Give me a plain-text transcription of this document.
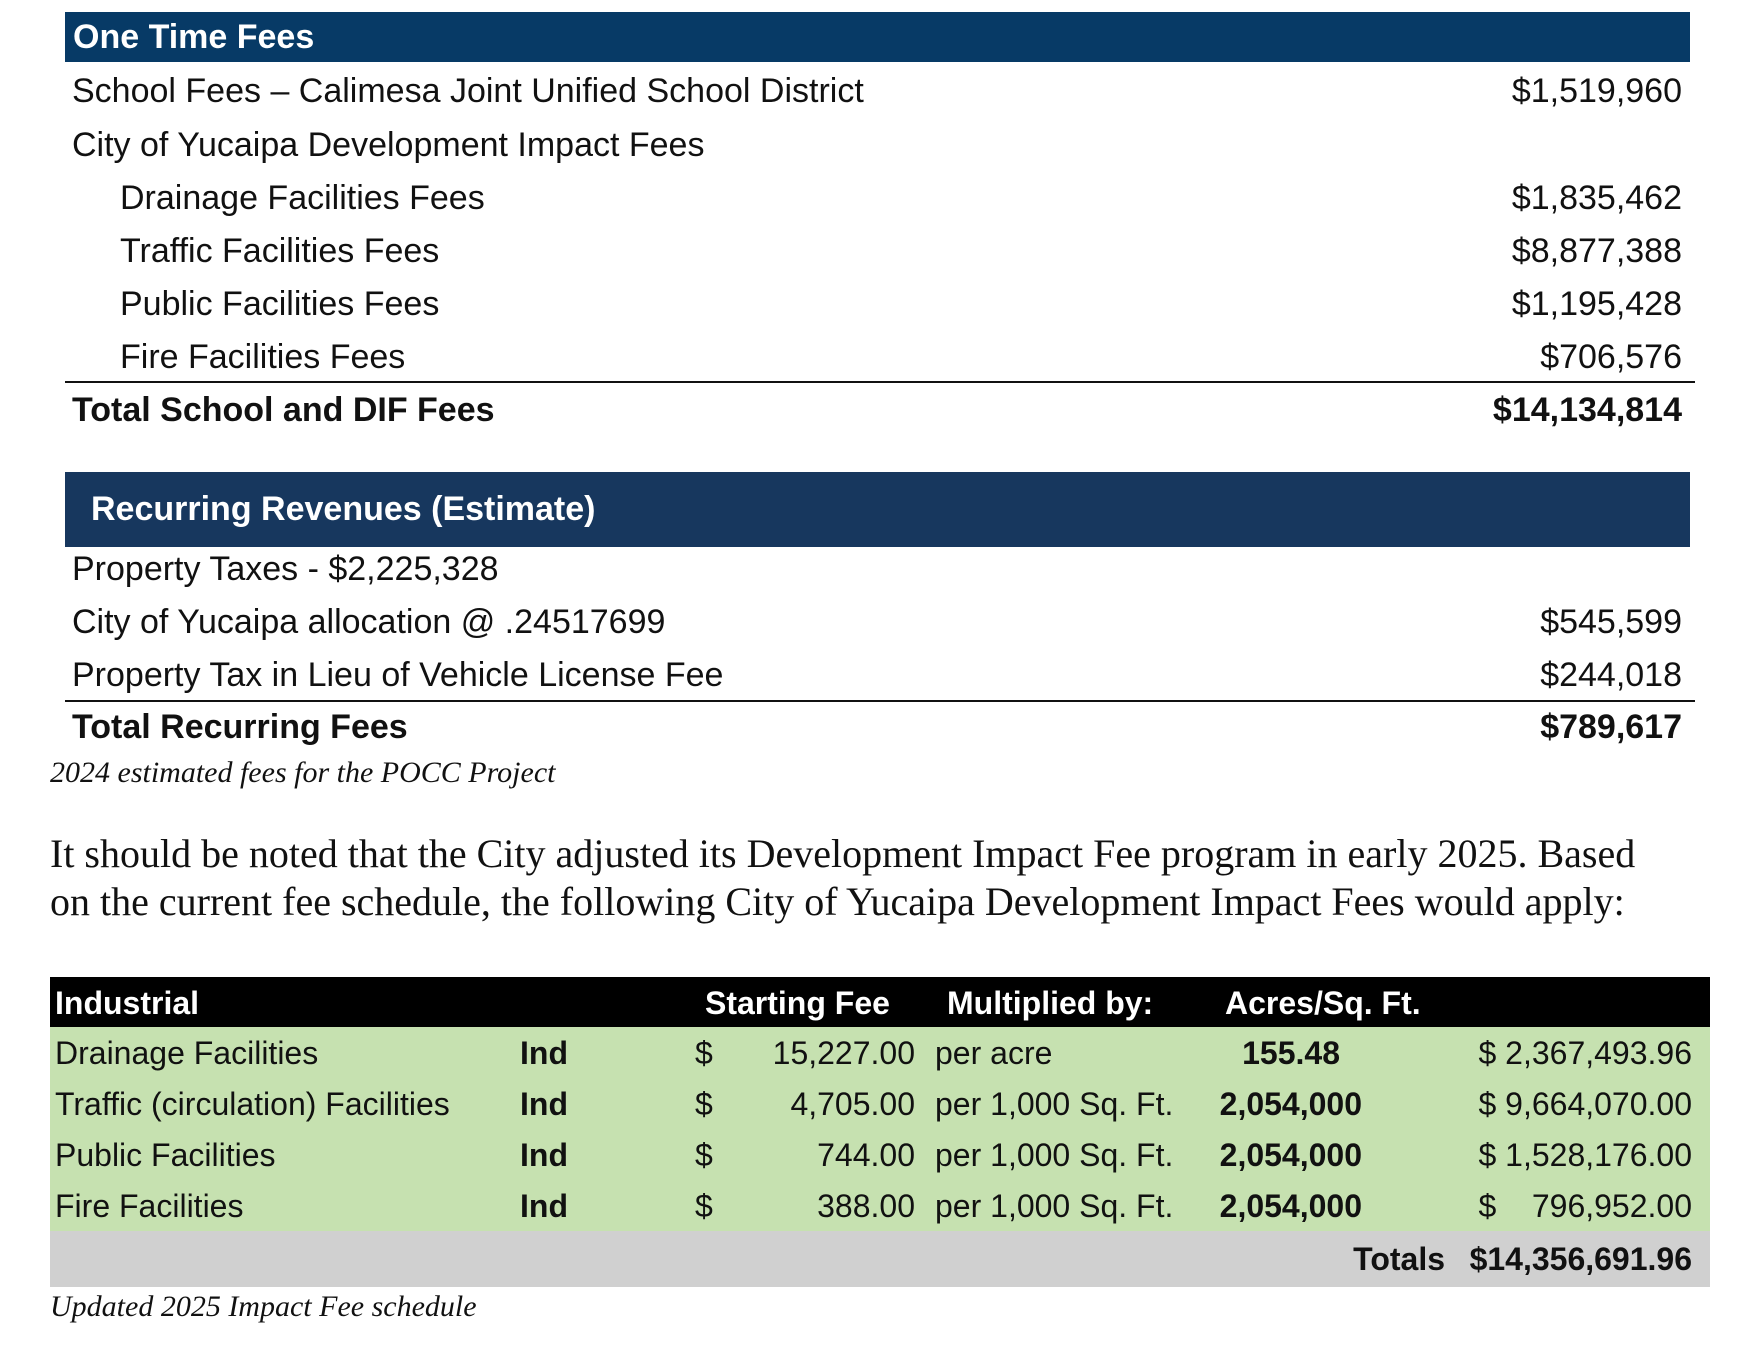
One Time Fees
School Fees – Calimesa Joint Unified School District	$1,519,960
City of Yucaipa Development Impact Fees
Drainage Facilities Fees	$1,835,462
Traffic Facilities Fees	$8,877,388
Public Facilities Fees	$1,195,428
Fire Facilities Fees	$706,576
Total School and DIF Fees	$14,134,814
Recurring Revenues (Estimate)
Property Taxes - $2,225,328
City of Yucaipa allocation @ .24517699	$545,599
Property Tax in Lieu of Vehicle License Fee	$244,018
Total Recurring Fees	$789,617
2024 estimated fees for the POCC Project
It should be noted that the City adjusted its Development Impact Fee program in early 2025. Based
on the current fee schedule, the following City of Yucaipa Development Impact Fees would apply:
Industrial	Starting Fee Multiplied by: Acres/Sq. Ft.
Drainage Facilities	Ind	$ 15,227.00 per acre	155.48	$ 2,367,493.96
Traffic (circulation) Facilities Ind	$ 4,705.00 per 1,000 Sq. Ft. 2,054,000	$ 9,664,070.00
Public Facilities	Ind	$	744.00 per 1,000 Sq. Ft. 2,054,000	$ 1,528,176.00
Fire Facilities	Ind	$	388.00 per 1,000 Sq. Ft. 2,054,000	$    796,952.00
Totals $14,356,691.96
Updated 2025 Impact Fee schedule
